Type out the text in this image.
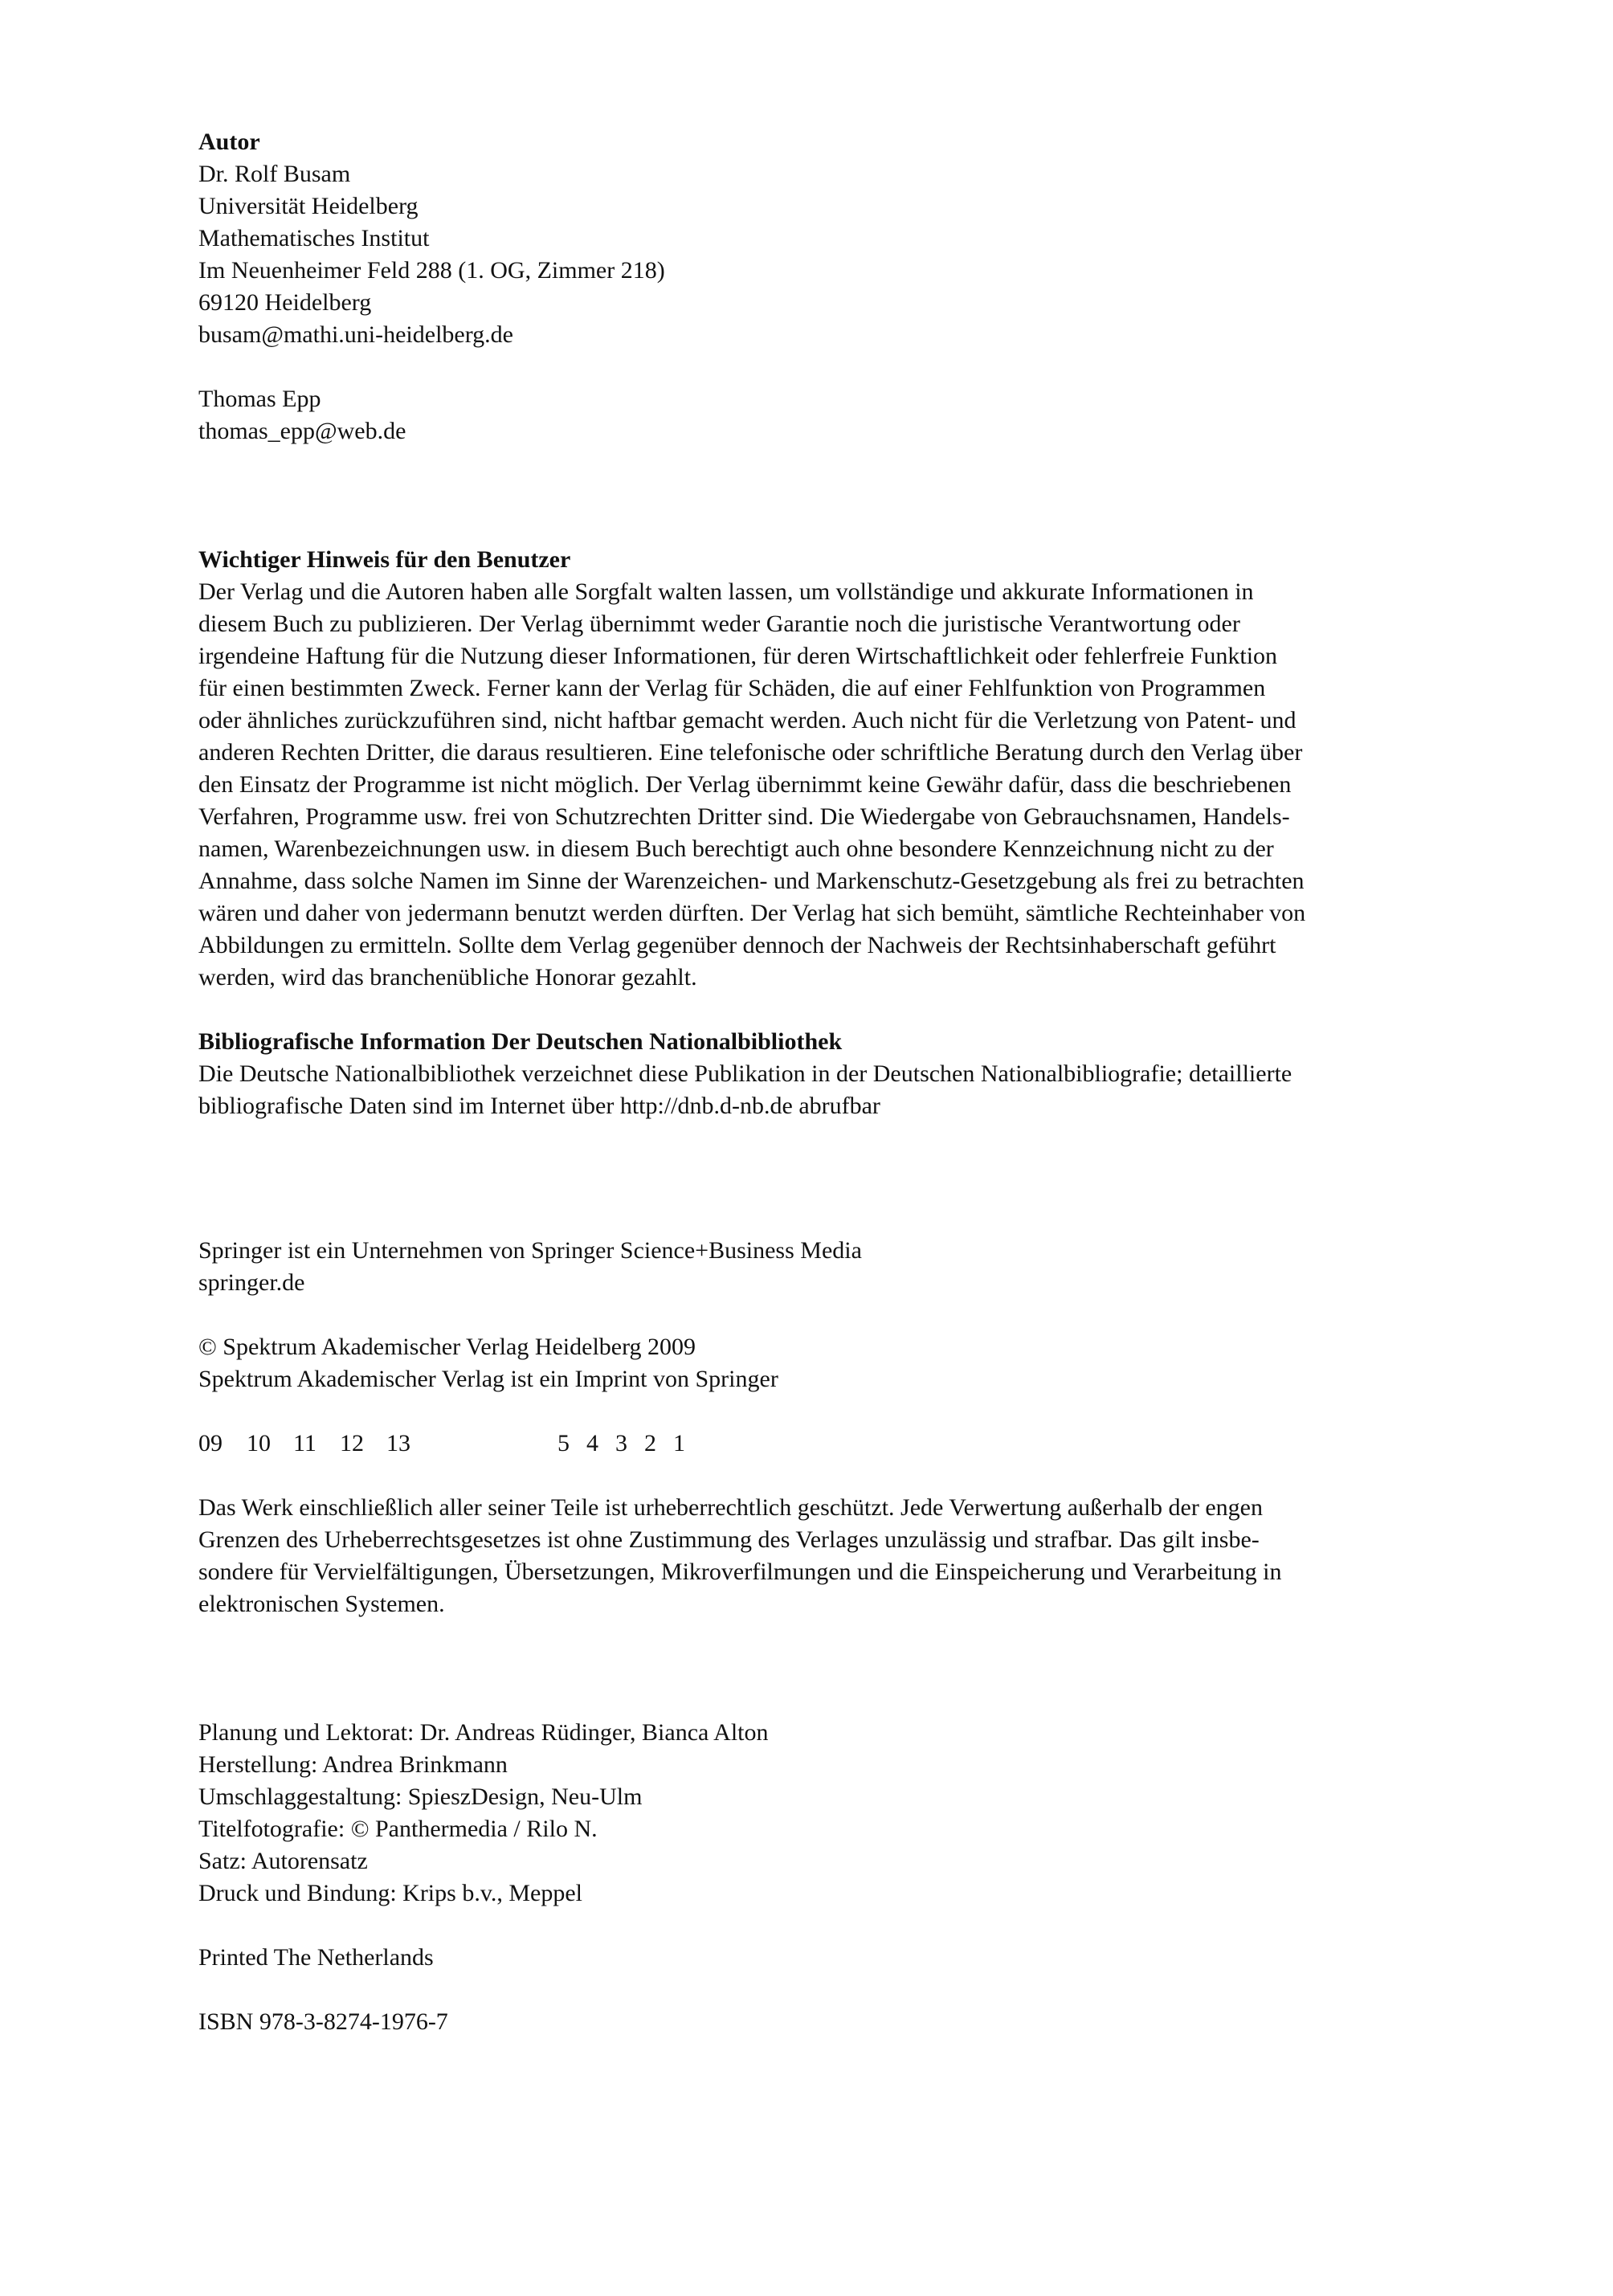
Autor
Dr. Rolf Busam
Universität Heidelberg
Mathematisches Institut
Im Neuenheimer Feld 288 (1. OG, Zimmer 218)
69120 Heidelberg
busam@mathi.uni-heidelberg.de
Thomas Epp
thomas_epp@web.de
Wichtiger Hinweis für den Benutzer
Der Verlag und die Autoren haben alle Sorgfalt walten lassen, um vollständige und akkurate Informationen in
diesem Buch zu publizieren. Der Verlag übernimmt weder Garantie noch die juristische Verantwortung oder
irgendeine Haftung für die Nutzung dieser Informationen, für deren Wirtschaftlichkeit oder fehlerfreie Funktion
für einen bestimmten Zweck. Ferner kann der Verlag für Schäden, die auf einer Fehlfunktion von Programmen
oder ähnliches zurückzuführen sind, nicht haftbar gemacht werden. Auch nicht für die Verletzung von Patent- und
anderen Rechten Dritter, die daraus resultieren. Eine telefonische oder schriftliche Beratung durch den Verlag über
den Einsatz der Programme ist nicht möglich. Der Verlag übernimmt keine Gewähr dafür, dass die beschriebenen
Verfahren, Programme usw. frei von Schutzrechten Dritter sind. Die Wiedergabe von Gebrauchsnamen, Handels-
namen, Warenbezeichnungen usw. in diesem Buch berechtigt auch ohne besondere Kennzeichnung nicht zu der
Annahme, dass solche Namen im Sinne der Warenzeichen- und Markenschutz-Gesetzgebung als frei zu betrachten
wären und daher von jedermann benutzt werden dürften. Der Verlag hat sich bemüht, sämtliche Rechteinhaber von
Abbildungen zu ermitteln. Sollte dem Verlag gegenüber dennoch der Nachweis der Rechtsinhaberschaft geführt
werden, wird das branchenübliche Honorar gezahlt.
Bibliografische Information Der Deutschen Nationalbibliothek
Die Deutsche Nationalbibliothek verzeichnet diese Publikation in der Deutschen Nationalbibliografie; detaillierte
bibliografische Daten sind im Internet über http://dnb.d-nb.de abrufbar
Springer ist ein Unternehmen von Springer Science+Business Media
springer.de
© Spektrum Akademischer Verlag Heidelberg 2009
Spektrum Akademischer Verlag ist ein Imprint von Springer
09 10 11 12 13	5 4 3 2 1
Das Werk einschließlich aller seiner Teile ist urheberrechtlich geschützt. Jede Verwertung außerhalb der engen
Grenzen des Urheberrechtsgesetzes ist ohne Zustimmung des Verlages unzulässig und strafbar. Das gilt insbe-
sondere für Vervielfältigungen, Übersetzungen, Mikroverfilmungen und die Einspeicherung und Verarbeitung in
elektronischen Systemen.
Planung und Lektorat: Dr. Andreas Rüdinger, Bianca Alton
Herstellung: Andrea Brinkmann
Umschlaggestaltung: SpieszDesign, Neu-Ulm
Titelfotografie: © Panthermedia / Rilo N.
Satz: Autorensatz
Druck und Bindung: Krips b.v., Meppel
Printed The Netherlands
ISBN 978-3-8274-1976-7
